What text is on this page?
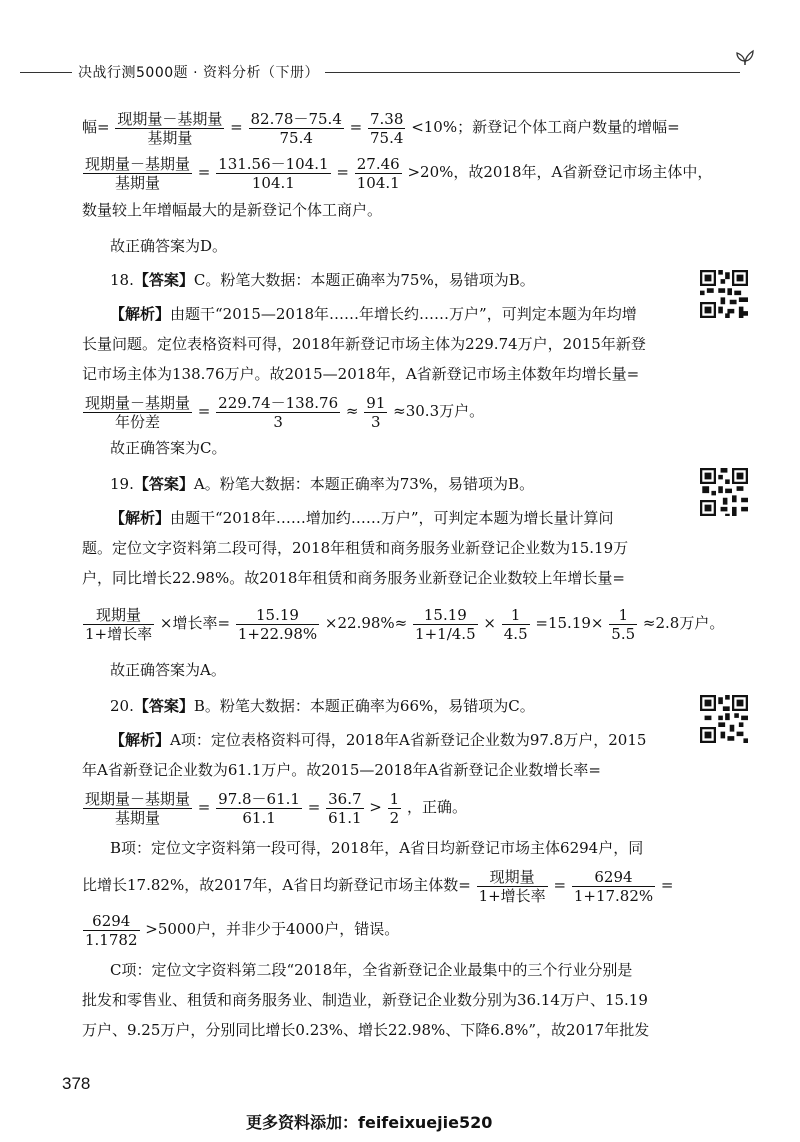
决战行测5000题 · 资料分析（下册）
幅= $\frac{\text{现期量－基期量}}{\text{基期量}} = \frac{82.78-75.4}{75.4} = \frac{7.38}{75.4} <10\%$；新登记个体工商户数量的增幅=
$\frac{\text{现期量－基期量}}{\text{基期量}} = \frac{131.56-104.1}{104.1} = \frac{27.46}{104.1} >20\%$，故2018年，A省新登记市场主体中，
数量较上年增幅最大的是新登记个体工商户。
故正确答案为D。
18.【答案】C。粉笔大数据：本题正确率为75%，易错项为B。
【解析】由题干“2015—2018年……年增长约……万户”，可判定本题为年均增
长量问题。定位表格资料可得，2018年新登记市场主体为229.74万户，2015年新登
记市场主体为138.76万户。故2015—2018年，A省新登记市场主体数年均增长量=
$\frac{\text{现期量－基期量}}{\text{年份差}} = \frac{229.74-138.76}{3} \approx \frac{91}{3} \approx 30.3$万户。
故正确答案为C。
19.【答案】A。粉笔大数据：本题正确率为73%，易错项为B。
【解析】由题干“2018年……增加约……万户”，可判定本题为增长量计算问
题。定位文字资料第二段可得，2018年租赁和商务服务业新登记企业数为15.19万
户，同比增长22.98%。故2018年租赁和商务服务业新登记企业数较上年增长量=
$\frac{\text{现期量}}{\text{1+增长率}}$ ×增长率= $\frac{15.19}{1+22.98\%} \times 22.98\%\approx \frac{15.19}{1+1/4.5} \times \frac{1}{4.5} =15.19\times \frac{1}{5.5} \approx 2.8$万户。
故正确答案为A。
20.【答案】B。粉笔大数据：本题正确率为66%，易错项为C。
【解析】A项：定位表格资料可得，2018年A省新登记企业数为97.8万户，2015
年A省新登记企业数为61.1万户。故2015—2018年A省新登记企业数增长率=
$\frac{\text{现期量－基期量}}{\text{基期量}} = \frac{97.8-61.1}{61.1} = \frac{36.7}{61.1} > \frac{1}{2}$ ，正确。
B项：定位文字资料第一段可得，2018年，A省日均新登记市场主体6294户，同
比增长17.82%，故2017年，A省日均新登记市场主体数= $\frac{\text{现期量}}{\text{1+增长率}} = \frac{6294}{1+17.82\%}$ =
$\frac{6294}{1.1782} >5000$户，并非少于4000户，错误。
C项：定位文字资料第二段“2018年，全省新登记企业最集中的三个行业分别是
批发和零售业、租赁和商务服务业、制造业，新登记企业数分别为36.14万户、15.19
万户、9.25万户，分别同比增长0.23%、增长22.98%、下降6.8%”，故2017年批发
378
更多资料添加：feifeixuejie520
